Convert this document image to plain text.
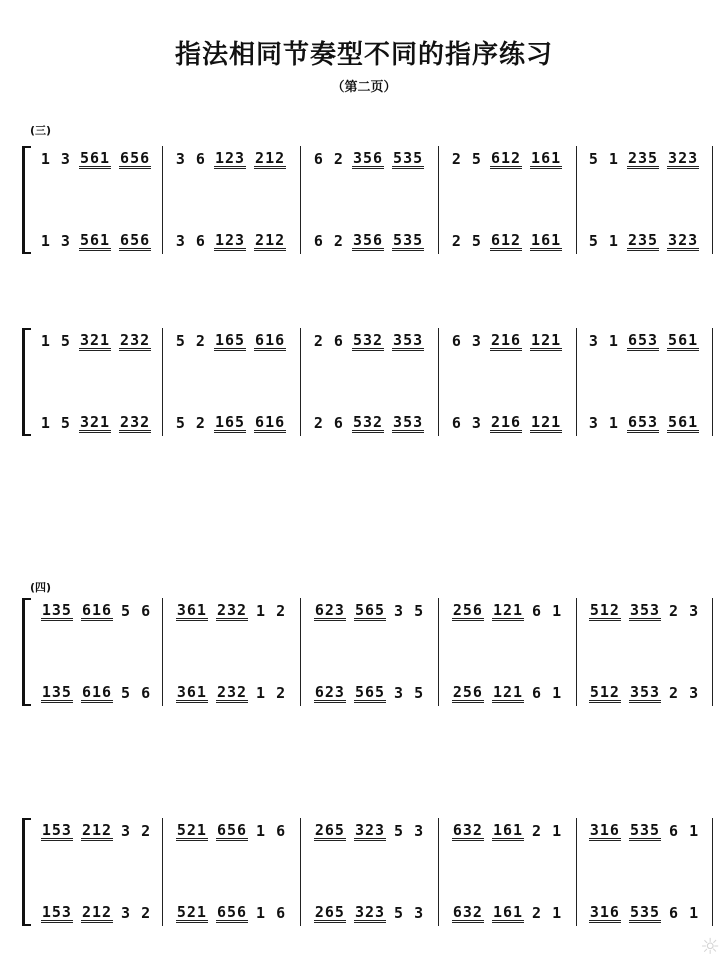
指法相同节奏型不同的指序练习
（第二页）
(三)
(四)
1 3 561 656 3 6 123 212 6 2 356 535 2 5 612 161 5 1 235 323
1 3 561 656 3 6 123 212 6 2 356 535 2 5 612 161 5 1 235 323
1 5 321 232 5 2 165 616 2 6 532 353 6 3 216 121 3 1 653 561
1 5 321 232 5 2 165 616 2 6 532 353 6 3 216 121 3 1 653 561
135 616 5 6 361 232 1 2 623 565 3 5 256 121 6 1 512 353 2 3
135 616 5 6 361 232 1 2 623 565 3 5 256 121 6 1 512 353 2 3
153 212 3 2 521 656 1 6 265 323 5 3 632 161 2 1 316 535 6 1
153 212 3 2 521 656 1 6 265 323 5 3 632 161 2 1 316 535 6 1
☼
